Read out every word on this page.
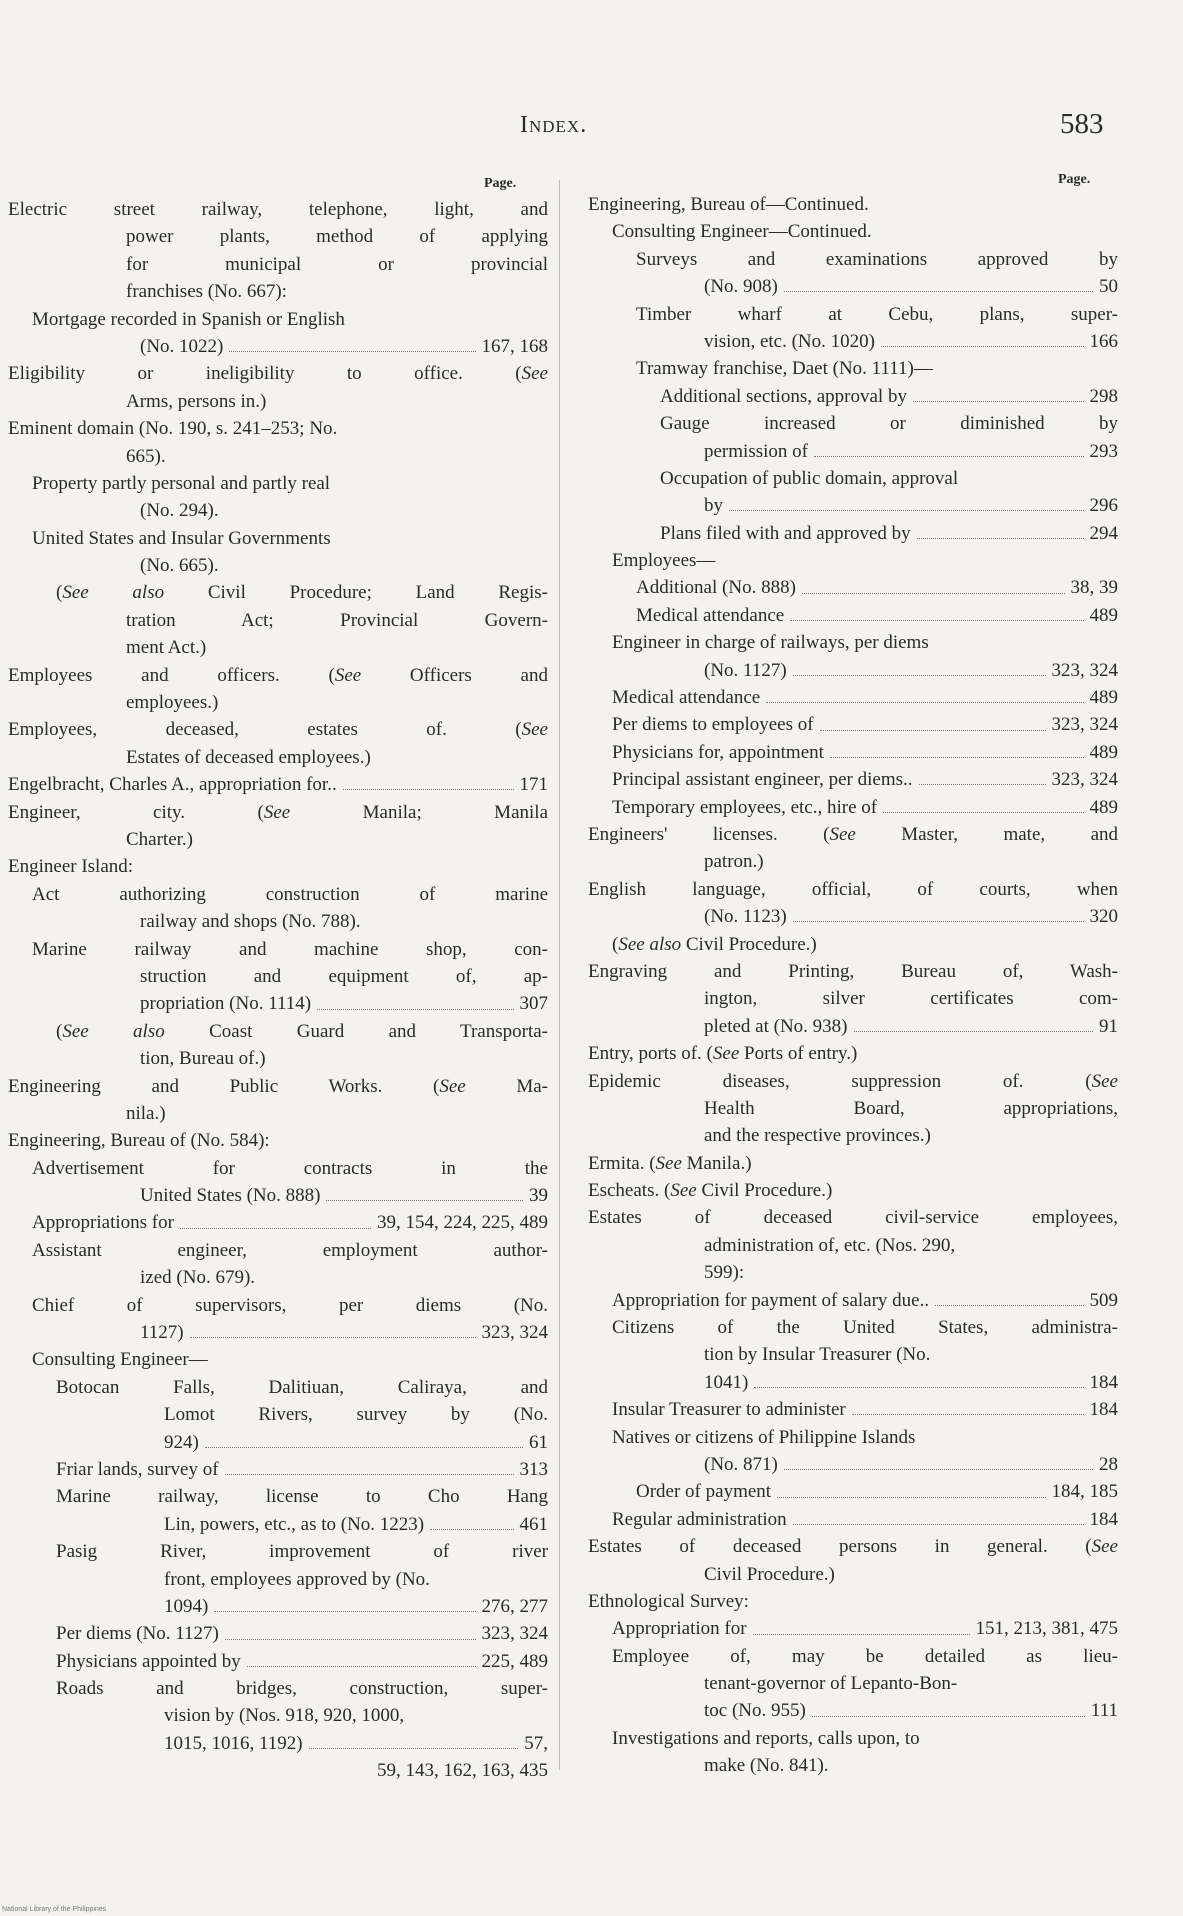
Index.	583
Page.	Page.
Electric street railway, telephone, light, and
power plants, method of applying
for municipal or provincial
franchises (No. 667):
Mortgage recorded in Spanish or English
(No. 1022)	167, 168
Eligibility or ineligibility to office. (See
Arms, persons in.)
Eminent domain (No. 190, s. 241–253; No.
665).
Property partly personal and partly real
(No. 294).
United States and Insular Governments
(No. 665).
(See also Civil Procedure; Land Regis-
tration Act; Provincial Govern-
ment Act.)
Employees and officers. (See Officers and
employees.)
Employees, deceased, estates of. (See
Estates of deceased employees.)
Engelbracht, Charles A., appropriation for..	171
Engineer, city. (See Manila; Manila
Charter.)
Engineer Island:
Act authorizing construction of marine
railway and shops (No. 788).
Marine railway and machine shop, con-
struction and equipment of, ap-
propriation (No. 1114)	307
(See also Coast Guard and Transporta-
tion, Bureau of.)
Engineering and Public Works. (See Ma-
nila.)
Engineering, Bureau of (No. 584):
Advertisement for contracts in the
United States (No. 888)	39
Appropriations for	39, 154, 224, 225, 489
Assistant engineer, employment author-
ized (No. 679).
Chief of supervisors, per diems (No.
1127)	323, 324
Consulting Engineer—
Botocan Falls, Dalitiuan, Caliraya, and
Lomot Rivers, survey by (No.
924)	61
Friar lands, survey of	313
Marine railway, license to Cho Hang
Lin, powers, etc., as to (No. 1223)	461
Pasig River, improvement of river
front, employees approved by (No.
1094)	276, 277
Per diems (No. 1127)	323, 324
Physicians appointed by	225, 489
Roads and bridges, construction, super-
vision by (Nos. 918, 920, 1000,
1015, 1016, 1192)	57,
59, 143, 162, 163, 435
Engineering, Bureau of—Continued.
Consulting Engineer—Continued.
Surveys and examinations approved by
(No. 908)	50
Timber wharf at Cebu, plans, super-
vision, etc. (No. 1020)	166
Tramway franchise, Daet (No. 1111)—
Additional sections, approval by	298
Gauge increased or diminished by
permission of	293
Occupation of public domain, approval
by	296
Plans filed with and approved by	294
Employees—
Additional (No. 888)	38, 39
Medical attendance	489
Engineer in charge of railways, per diems
(No. 1127)	323, 324
Medical attendance	489
Per diems to employees of	323, 324
Physicians for, appointment	489
Principal assistant engineer, per diems..	323, 324
Temporary employees, etc., hire of	489
Engineers' licenses. (See Master, mate, and
patron.)
English language, official, of courts, when
(No. 1123)	320
(See also Civil Procedure.)
Engraving and Printing, Bureau of, Wash-
ington, silver certificates com-
pleted at (No. 938)	91
Entry, ports of. (See Ports of entry.)
Epidemic diseases, suppression of. (See
Health Board, appropriations,
and the respective provinces.)
Ermita. (See Manila.)
Escheats. (See Civil Procedure.)
Estates of deceased civil-service employees,
administration of, etc. (Nos. 290,
599):
Appropriation for payment of salary due..	509
Citizens of the United States, administra-
tion by Insular Treasurer (No.
1041)	184
Insular Treasurer to administer	184
Natives or citizens of Philippine Islands
(No. 871)	28
Order of payment	184, 185
Regular administration	184
Estates of deceased persons in general. (See
Civil Procedure.)
Ethnological Survey:
Appropriation for	151, 213, 381, 475
Employee of, may be detailed as lieu-
tenant-governor of Lepanto-Bon-
toc (No. 955)	111
Investigations and reports, calls upon, to
make (No. 841).
National Library of the Philippines
